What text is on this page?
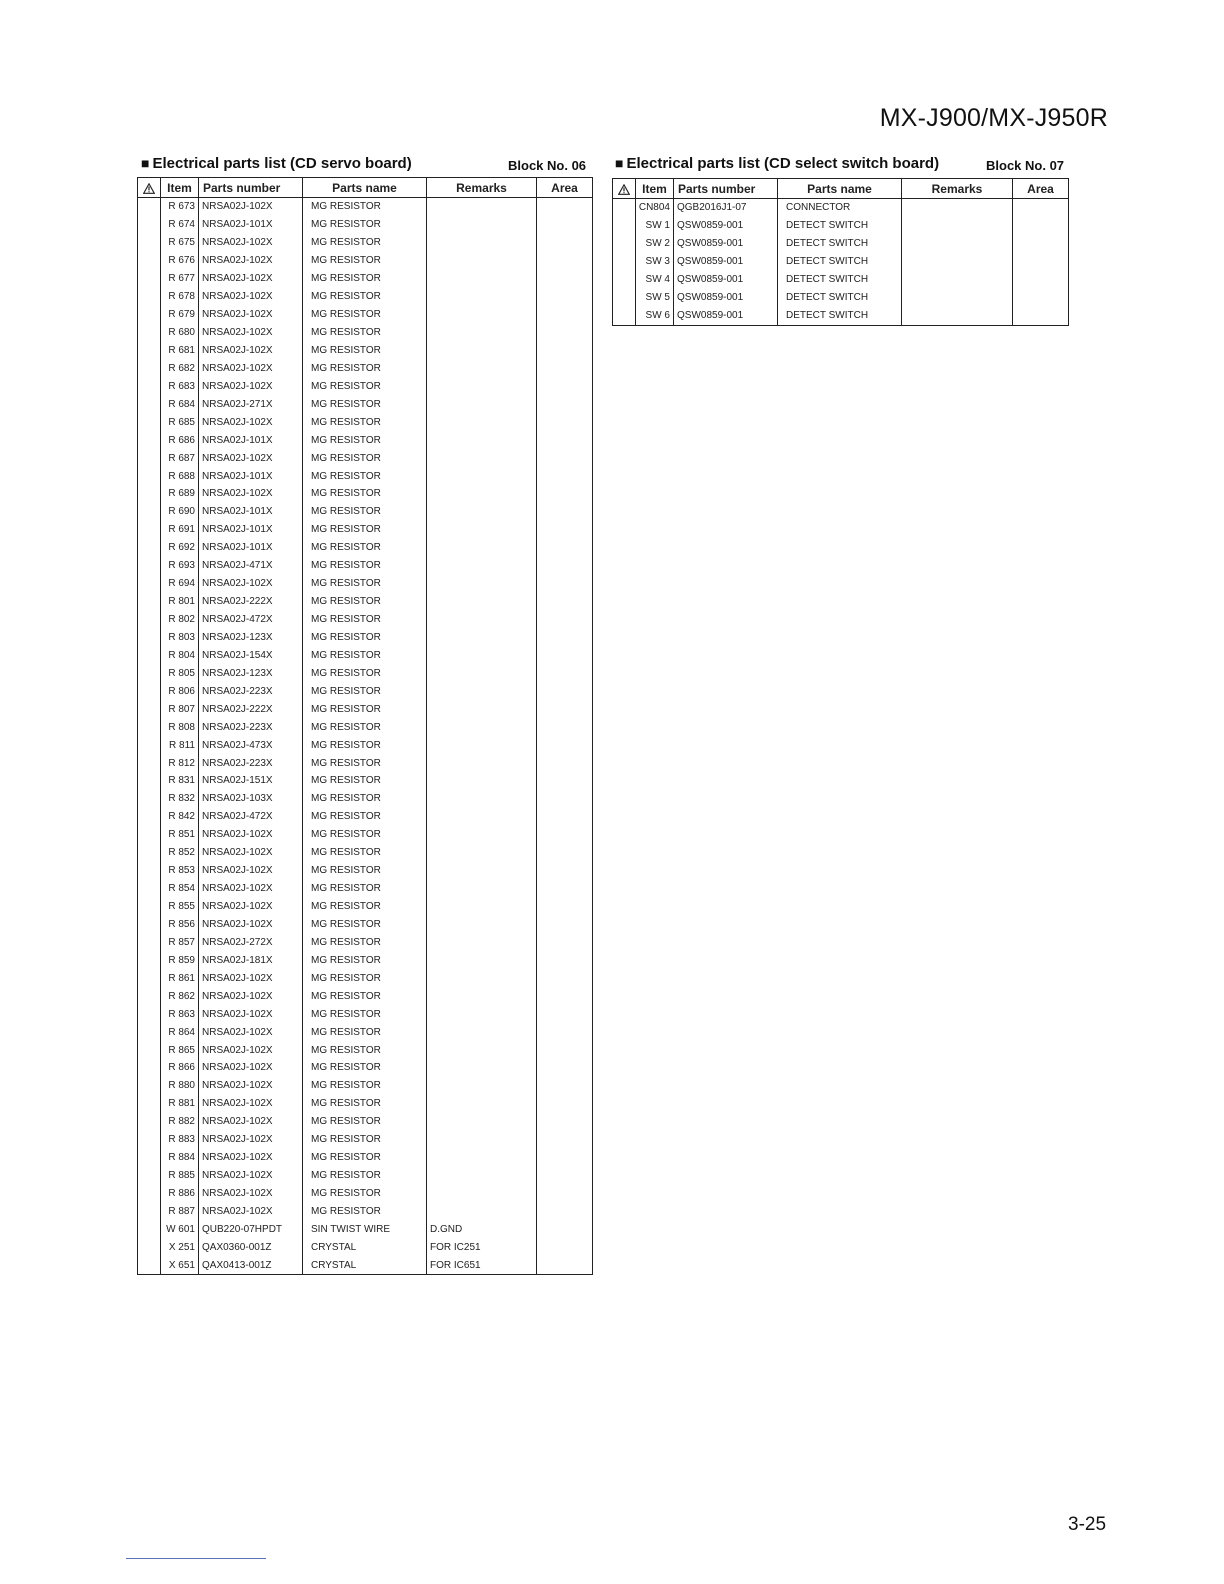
MX-J900/MX-J950R
■ Electrical parts list (CD servo board)	Block No. 06
	Item	Parts number	Parts name	Remarks	Area
	R 673	NRSA02J-102X	MG RESISTOR		
	R 674	NRSA02J-101X	MG RESISTOR		
	R 675	NRSA02J-102X	MG RESISTOR		
	R 676	NRSA02J-102X	MG RESISTOR		
	R 677	NRSA02J-102X	MG RESISTOR		
	R 678	NRSA02J-102X	MG RESISTOR		
	R 679	NRSA02J-102X	MG RESISTOR		
	R 680	NRSA02J-102X	MG RESISTOR		
	R 681	NRSA02J-102X	MG RESISTOR		
	R 682	NRSA02J-102X	MG RESISTOR		
	R 683	NRSA02J-102X	MG RESISTOR		
	R 684	NRSA02J-271X	MG RESISTOR		
	R 685	NRSA02J-102X	MG RESISTOR		
	R 686	NRSA02J-101X	MG RESISTOR		
	R 687	NRSA02J-102X	MG RESISTOR		
	R 688	NRSA02J-101X	MG RESISTOR		
	R 689	NRSA02J-102X	MG RESISTOR		
	R 690	NRSA02J-101X	MG RESISTOR		
	R 691	NRSA02J-101X	MG RESISTOR		
	R 692	NRSA02J-101X	MG RESISTOR		
	R 693	NRSA02J-471X	MG RESISTOR		
	R 694	NRSA02J-102X	MG RESISTOR		
	R 801	NRSA02J-222X	MG RESISTOR		
	R 802	NRSA02J-472X	MG RESISTOR		
	R 803	NRSA02J-123X	MG RESISTOR		
	R 804	NRSA02J-154X	MG RESISTOR		
	R 805	NRSA02J-123X	MG RESISTOR		
	R 806	NRSA02J-223X	MG RESISTOR		
	R 807	NRSA02J-222X	MG RESISTOR		
	R 808	NRSA02J-223X	MG RESISTOR		
	R 811	NRSA02J-473X	MG RESISTOR		
	R 812	NRSA02J-223X	MG RESISTOR		
	R 831	NRSA02J-151X	MG RESISTOR		
	R 832	NRSA02J-103X	MG RESISTOR		
	R 842	NRSA02J-472X	MG RESISTOR		
	R 851	NRSA02J-102X	MG RESISTOR		
	R 852	NRSA02J-102X	MG RESISTOR		
	R 853	NRSA02J-102X	MG RESISTOR		
	R 854	NRSA02J-102X	MG RESISTOR		
	R 855	NRSA02J-102X	MG RESISTOR		
	R 856	NRSA02J-102X	MG RESISTOR		
	R 857	NRSA02J-272X	MG RESISTOR		
	R 859	NRSA02J-181X	MG RESISTOR		
	R 861	NRSA02J-102X	MG RESISTOR		
	R 862	NRSA02J-102X	MG RESISTOR		
	R 863	NRSA02J-102X	MG RESISTOR		
	R 864	NRSA02J-102X	MG RESISTOR		
	R 865	NRSA02J-102X	MG RESISTOR		
	R 866	NRSA02J-102X	MG RESISTOR		
	R 880	NRSA02J-102X	MG RESISTOR		
	R 881	NRSA02J-102X	MG RESISTOR		
	R 882	NRSA02J-102X	MG RESISTOR		
	R 883	NRSA02J-102X	MG RESISTOR		
	R 884	NRSA02J-102X	MG RESISTOR		
	R 885	NRSA02J-102X	MG RESISTOR		
	R 886	NRSA02J-102X	MG RESISTOR		
	R 887	NRSA02J-102X	MG RESISTOR		
	W 601	QUB220-07HPDT	SIN TWIST WIRE	D.GND	
	X 251	QAX0360-001Z	CRYSTAL	FOR IC251	
	X 651	QAX0413-001Z	CRYSTAL	FOR IC651	
■ Electrical parts list (CD select switch board)	Block No. 07
	Item	Parts number	Parts name	Remarks	Area
	CN804	QGB2016J1-07	CONNECTOR		
	SW 1	QSW0859-001	DETECT SWITCH		
	SW 2	QSW0859-001	DETECT SWITCH		
	SW 3	QSW0859-001	DETECT SWITCH		
	SW 4	QSW0859-001	DETECT SWITCH		
	SW 5	QSW0859-001	DETECT SWITCH		
	SW 6	QSW0859-001	DETECT SWITCH		
3-25
